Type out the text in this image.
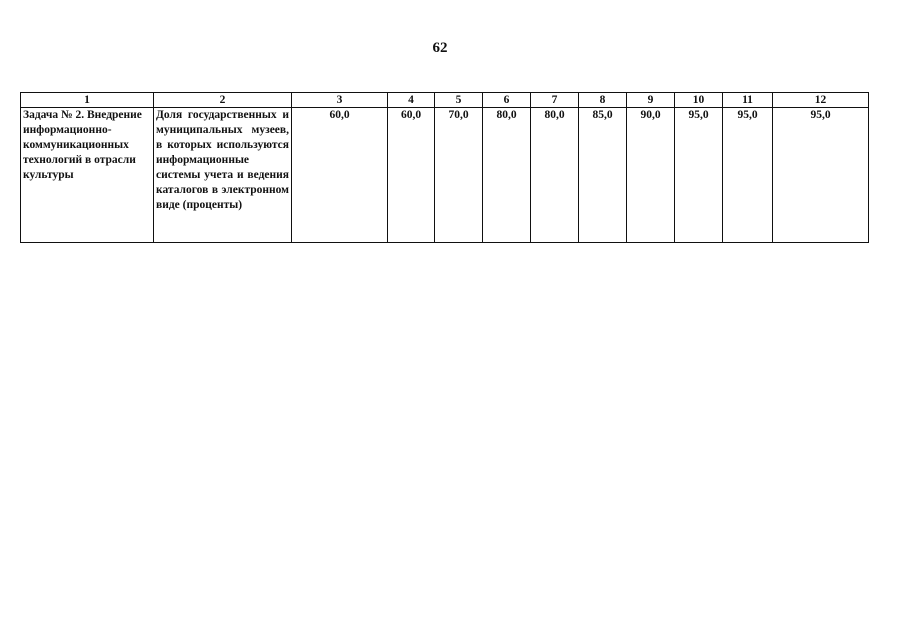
62
1	2	3	4	5	6	7	8	9	10	11	12
Задача № 2. Внедрение информационно-коммуникационных технологий в отрасли культуры	Доля государственных и муниципальных музеев, в которых используются информационные системы учета и ведения каталогов в электронном виде (проценты)	60,0	60,0	70,0	80,0	80,0	85,0	90,0	95,0	95,0	95,0
